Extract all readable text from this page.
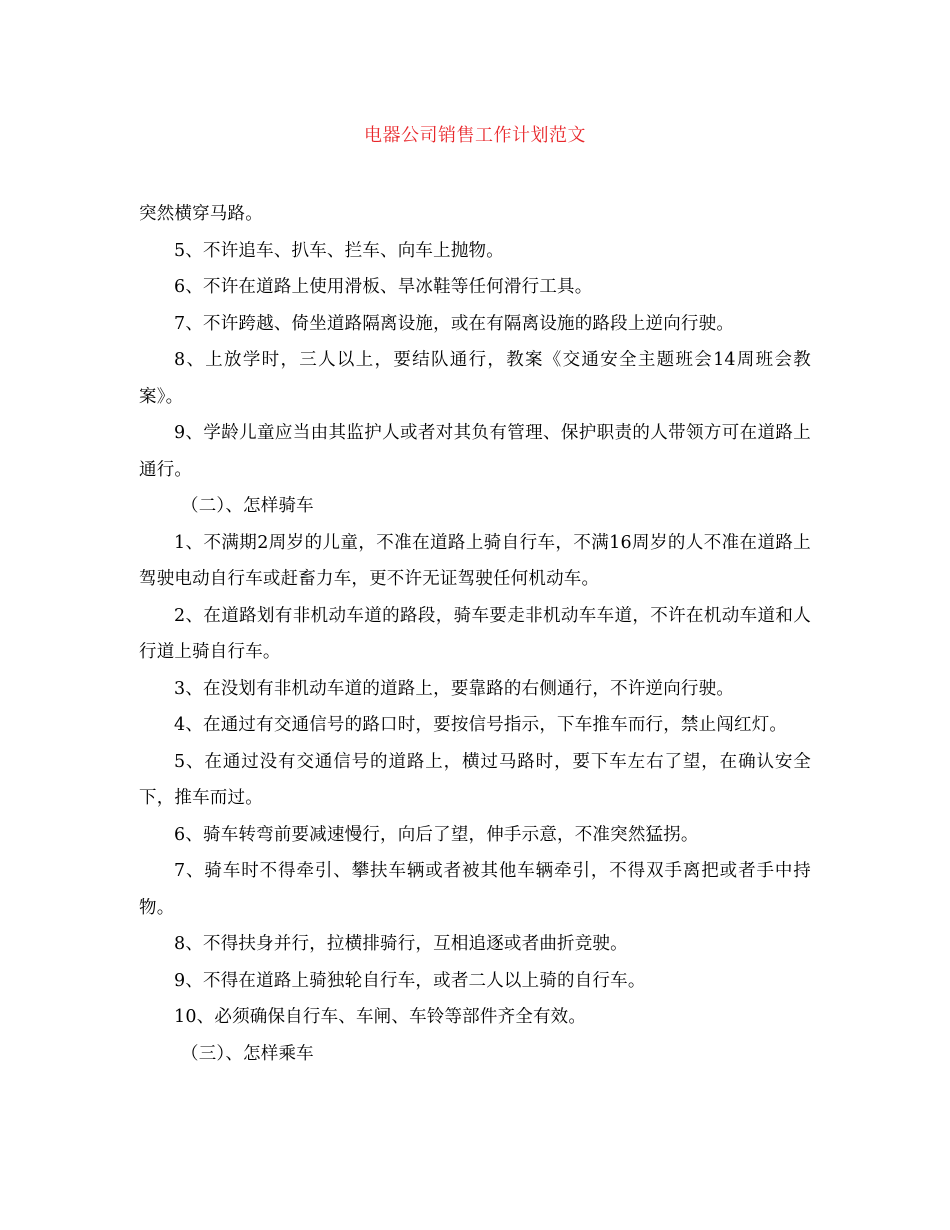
电器公司销售工作计划范文

突然横穿马路。

5、不许追车、扒车、拦车、向车上抛物。

6、不许在道路上使用滑板、旱冰鞋等任何滑行工具。

7、不许跨越、倚坐道路隔离设施，或在有隔离设施的路段上逆向行驶。

8、上放学时，三人以上，要结队通行，教案《交通安全主题班会14周班会教案》。

9、学龄儿童应当由其监护人或者对其负有管理、保护职责的人带领方可在道路上通行。

（二）、怎样骑车

1、不满期2周岁的儿童，不准在道路上骑自行车，不满16周岁的人不准在道路上驾驶电动自行车或赶畜力车，更不许无证驾驶任何机动车。

2、在道路划有非机动车道的路段，骑车要走非机动车车道，不许在机动车道和人行道上骑自行车。

3、在没划有非机动车道的道路上，要靠路的右侧通行，不许逆向行驶。

4、在通过有交通信号的路口时，要按信号指示，下车推车而行，禁止闯红灯。

5、在通过没有交通信号的道路上，横过马路时，要下车左右了望，在确认安全下，推车而过。

6、骑车转弯前要减速慢行，向后了望，伸手示意，不准突然猛拐。

7、骑车时不得牵引、攀扶车辆或者被其他车辆牵引，不得双手离把或者手中持物。

8、不得扶身并行，拉横排骑行，互相追逐或者曲折竞驶。

9、不得在道路上骑独轮自行车，或者二人以上骑的自行车。

10、必须确保自行车、车闸、车铃等部件齐全有效。

（三）、怎样乘车
